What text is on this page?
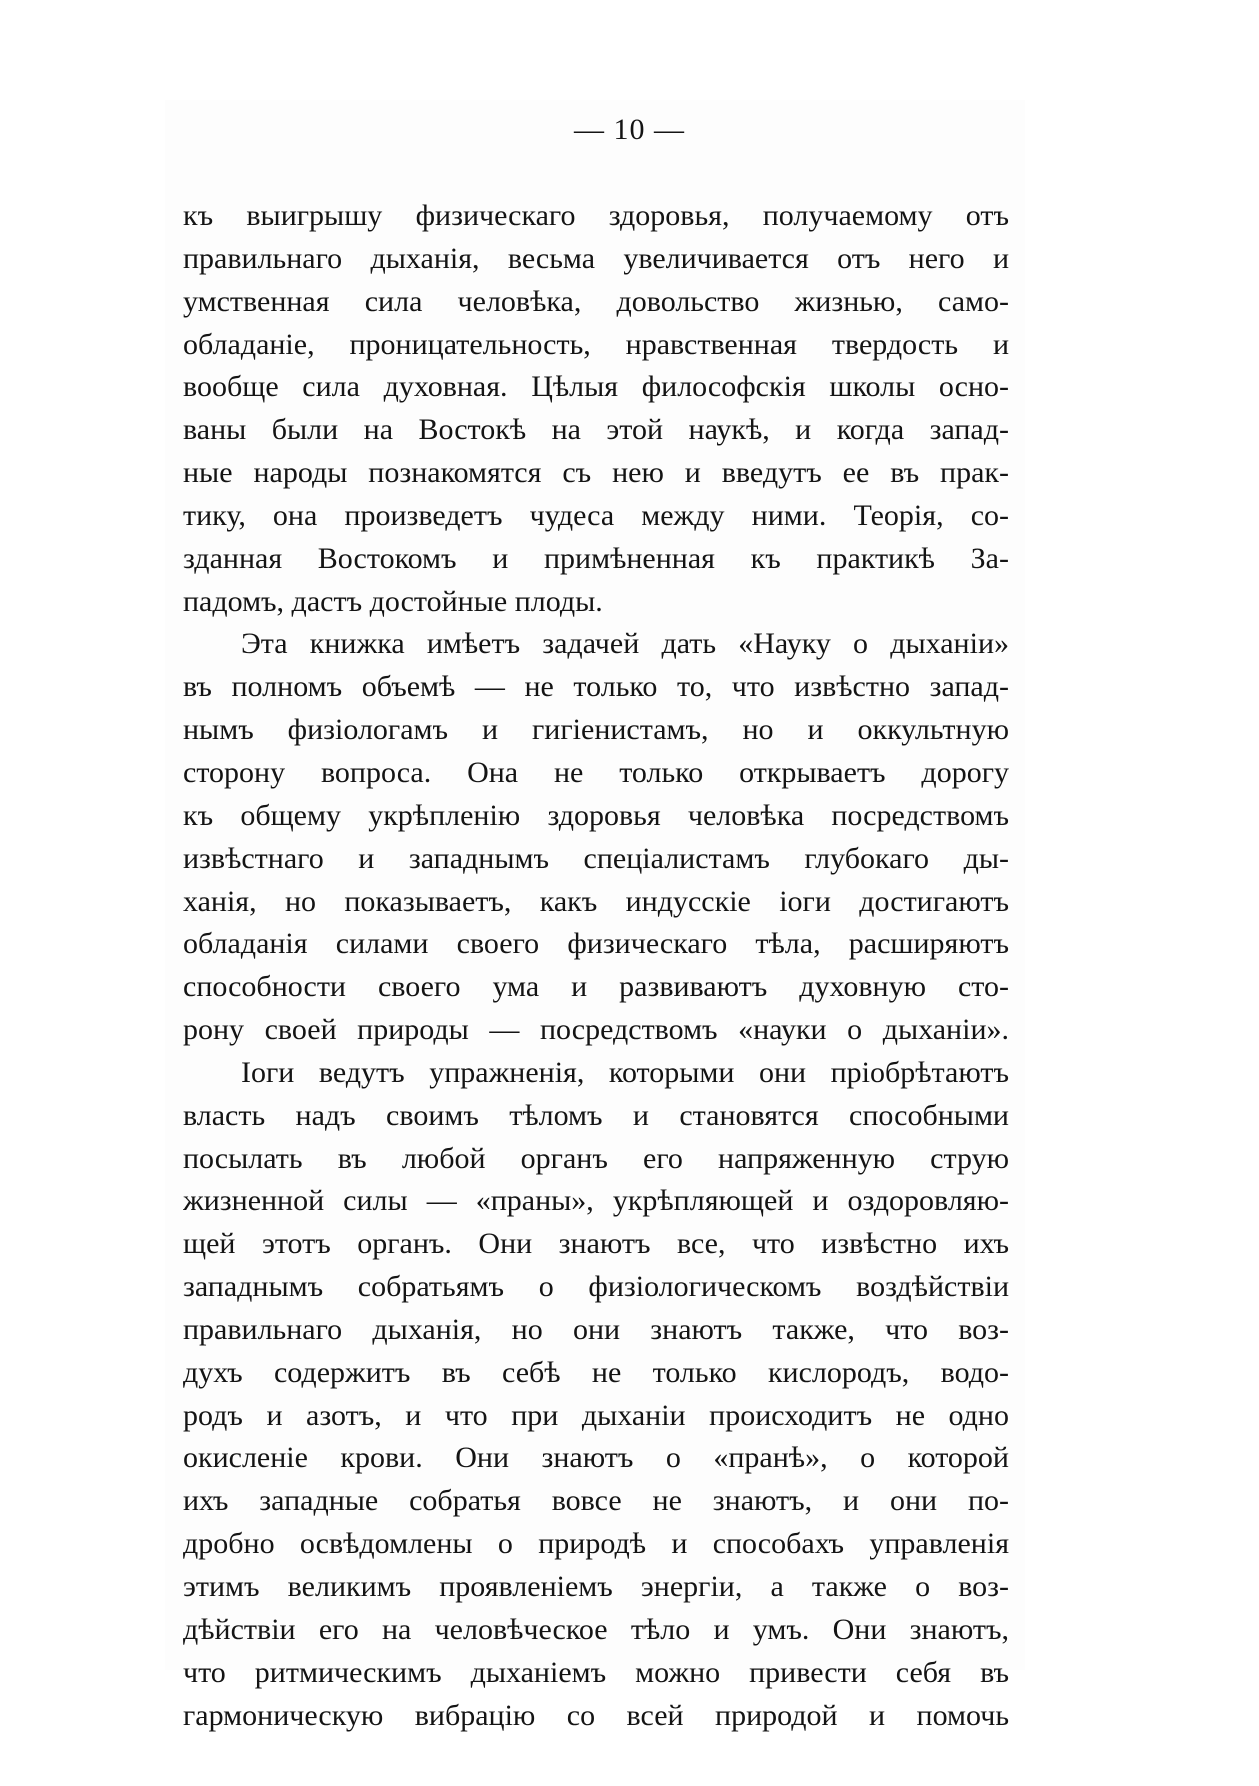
— 10 —
къ выигрышу физическаго здоровья, получаемому отъ
правильнаго дыханія, весьма увеличивается отъ него и
умственная сила человѣка, довольство жизнью, само-
обладаніе, проницательность, нравственная твердость и
вообще сила духовная. Цѣлыя философскія школы осно-
ваны были на Востокѣ на этой наукѣ, и когда запад-
ные народы познакомятся съ нею и введутъ ее въ прак-
тику, она произведетъ чудеса между ними. Теорія, со-
зданная Востокомъ и примѣненная къ практикѣ За-
падомъ, дастъ достойные плоды.
Эта книжка имѣетъ задачей дать «Науку о дыханіи»
въ полномъ объемѣ — не только то, что извѣстно запад-
нымъ физіологамъ и гигіенистамъ, но и оккультную
сторону вопроса. Она не только открываетъ дорогу
къ общему укрѣпленію здоровья человѣка посредствомъ
извѣстнаго и западнымъ спеціалистамъ глубокаго ды-
ханія, но показываетъ, какъ индусскіе іоги достигаютъ
обладанія силами своего физическаго тѣла, расширяютъ
способности своего ума и развиваютъ духовную сто-
рону своей природы — посредствомъ «науки о дыханіи».
Іоги ведутъ упражненія, которыми они пріобрѣтаютъ
власть надъ своимъ тѣломъ и становятся способными
посылать въ любой органъ его напряженную струю
жизненной силы — «праны», укрѣпляющей и оздоровляю-
щей этотъ органъ. Они знаютъ все, что извѣстно ихъ
западнымъ собратьямъ о физіологическомъ воздѣйствіи
правильнаго дыханія, но они знаютъ также, что воз-
духъ содержитъ въ себѣ не только кислородъ, водо-
родъ и азотъ, и что при дыханіи происходитъ не одно
окисленіе крови. Они знаютъ о «пранѣ», о которой
ихъ западные собратья вовсе не знаютъ, и они по-
дробно освѣдомлены о природѣ и способахъ управленія
этимъ великимъ проявленіемъ энергіи, а также о воз-
дѣйствіи его на человѣческое тѣло и умъ. Они знаютъ,
что ритмическимъ дыханіемъ можно привести себя въ
гармоническую вибрацію со всей природой и помочь
